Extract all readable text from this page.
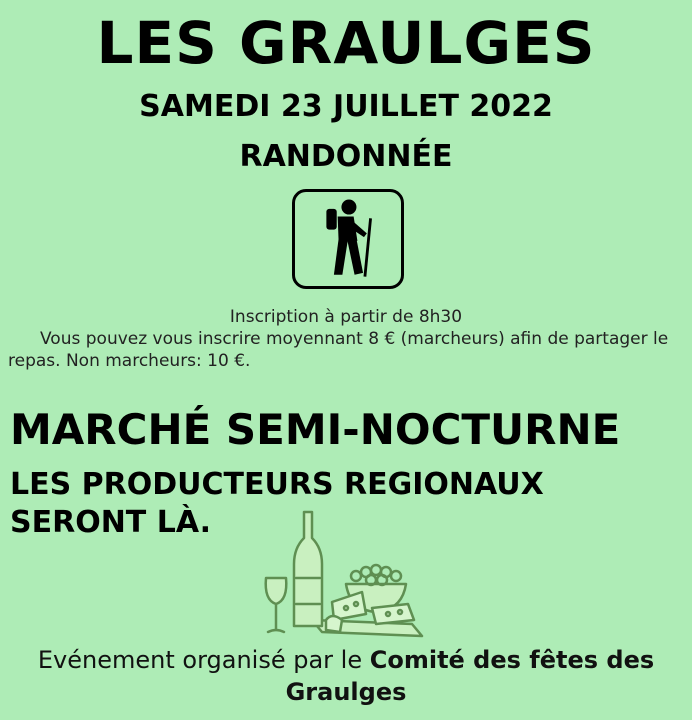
LES GRAULGES
SAMEDI 23 JUILLET 2022
RANDONNÉE
Inscription à partir de 8h30
Vous pouvez vous inscrire moyennant 8 € (marcheurs) afin de partager le repas. Non marcheurs: 10 €.
MARCHÉ SEMI-NOCTURNE
LES PRODUCTEURS REGIONAUX SERONT LÀ.
Evénement organisé par le Comité des fêtes des Graulges
